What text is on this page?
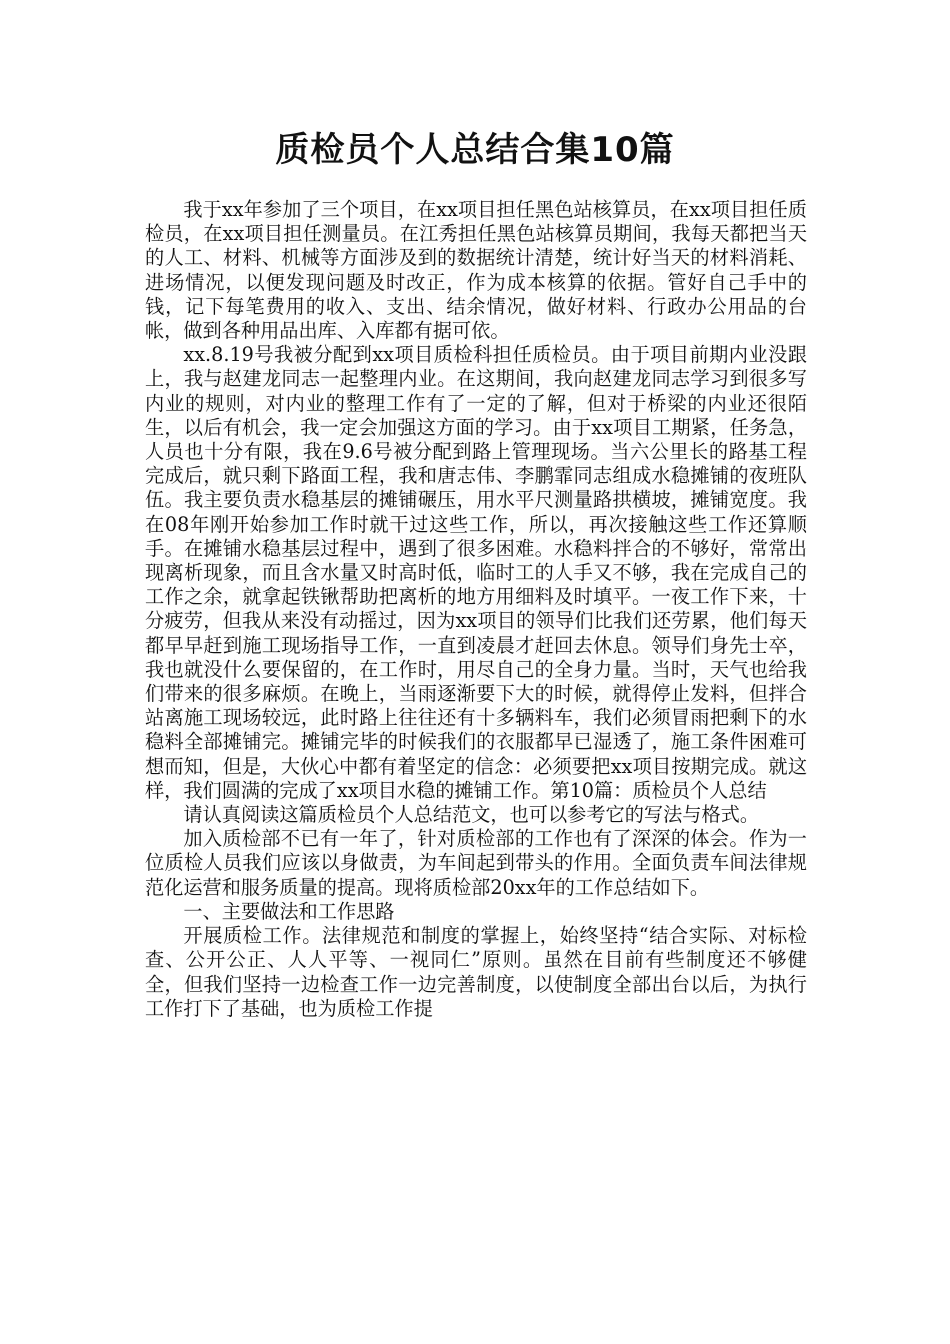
质检员个人总结合集10篇

我于xx年参加了三个项目，在xx项目担任黑色站核算员，在xx项目担任质检员，在xx项目担任测量员。在江秀担任黑色站核算员期间，我每天都把当天的人工、材料、机械等方面涉及到的数据统计清楚，统计好当天的材料消耗、进场情况，以便发现问题及时改正，作为成本核算的依据。管好自己手中的钱，记下每笔费用的收入、支出、结余情况，做好材料、行政办公用品的台帐，做到各种用品出库、入库都有据可依。

xx.8.19号我被分配到xx项目质检科担任质检员。由于项目前期内业没跟上，我与赵建龙同志一起整理内业。在这期间，我向赵建龙同志学习到很多写内业的规则，对内业的整理工作有了一定的了解，但对于桥梁的内业还很陌生，以后有机会，我一定会加强这方面的学习。由于xx项目工期紧，任务急，人员也十分有限，我在9.6号被分配到路上管理现场。当六公里长的路基工程完成后，就只剩下路面工程，我和唐志伟、李鹏霏同志组成水稳摊铺的夜班队伍。我主要负责水稳基层的摊铺碾压，用水平尺测量路拱横坡，摊铺宽度。我在08年刚开始参加工作时就干过这些工作，所以，再次接触这些工作还算顺手。在摊铺水稳基层过程中，遇到了很多困难。水稳料拌合的不够好，常常出现离析现象，而且含水量又时高时低，临时工的人手又不够，我在完成自己的工作之余，就拿起铁锹帮助把离析的地方用细料及时填平。一夜工作下来，十分疲劳，但我从来没有动摇过，因为xx项目的领导们比我们还劳累，他们每天都早早赶到施工现场指导工作，一直到凌晨才赶回去休息。领导们身先士卒，我也就没什么要保留的，在工作时，用尽自己的全身力量。当时，天气也给我们带来的很多麻烦。在晚上，当雨逐渐要下大的时候，就得停止发料，但拌合站离施工现场较远，此时路上往往还有十多辆料车，我们必须冒雨把剩下的水稳料全部摊铺完。摊铺完毕的时候我们的衣服都早已湿透了，施工条件困难可想而知，但是，大伙心中都有着坚定的信念：必须要把xx项目按期完成。就这样，我们圆满的完成了xx项目水稳的摊铺工作。第10篇：质检员个人总结

请认真阅读这篇质检员个人总结范文，也可以参考它的写法与格式。

加入质检部不已有一年了，针对质检部的工作也有了深深的体会。作为一位质检人员我们应该以身做责，为车间起到带头的作用。全面负责车间法律规范化运营和服务质量的提高。现将质检部20xx年的工作总结如下。

一、主要做法和工作思路

开展质检工作。法律规范和制度的掌握上，始终坚持“结合实际、对标检查、公开公正、人人平等、一视同仁”原则。虽然在目前有些制度还不够健全，但我们坚持一边检查工作一边完善制度，以使制度全部出台以后，为执行工作打下了基础，也为质检工作提
